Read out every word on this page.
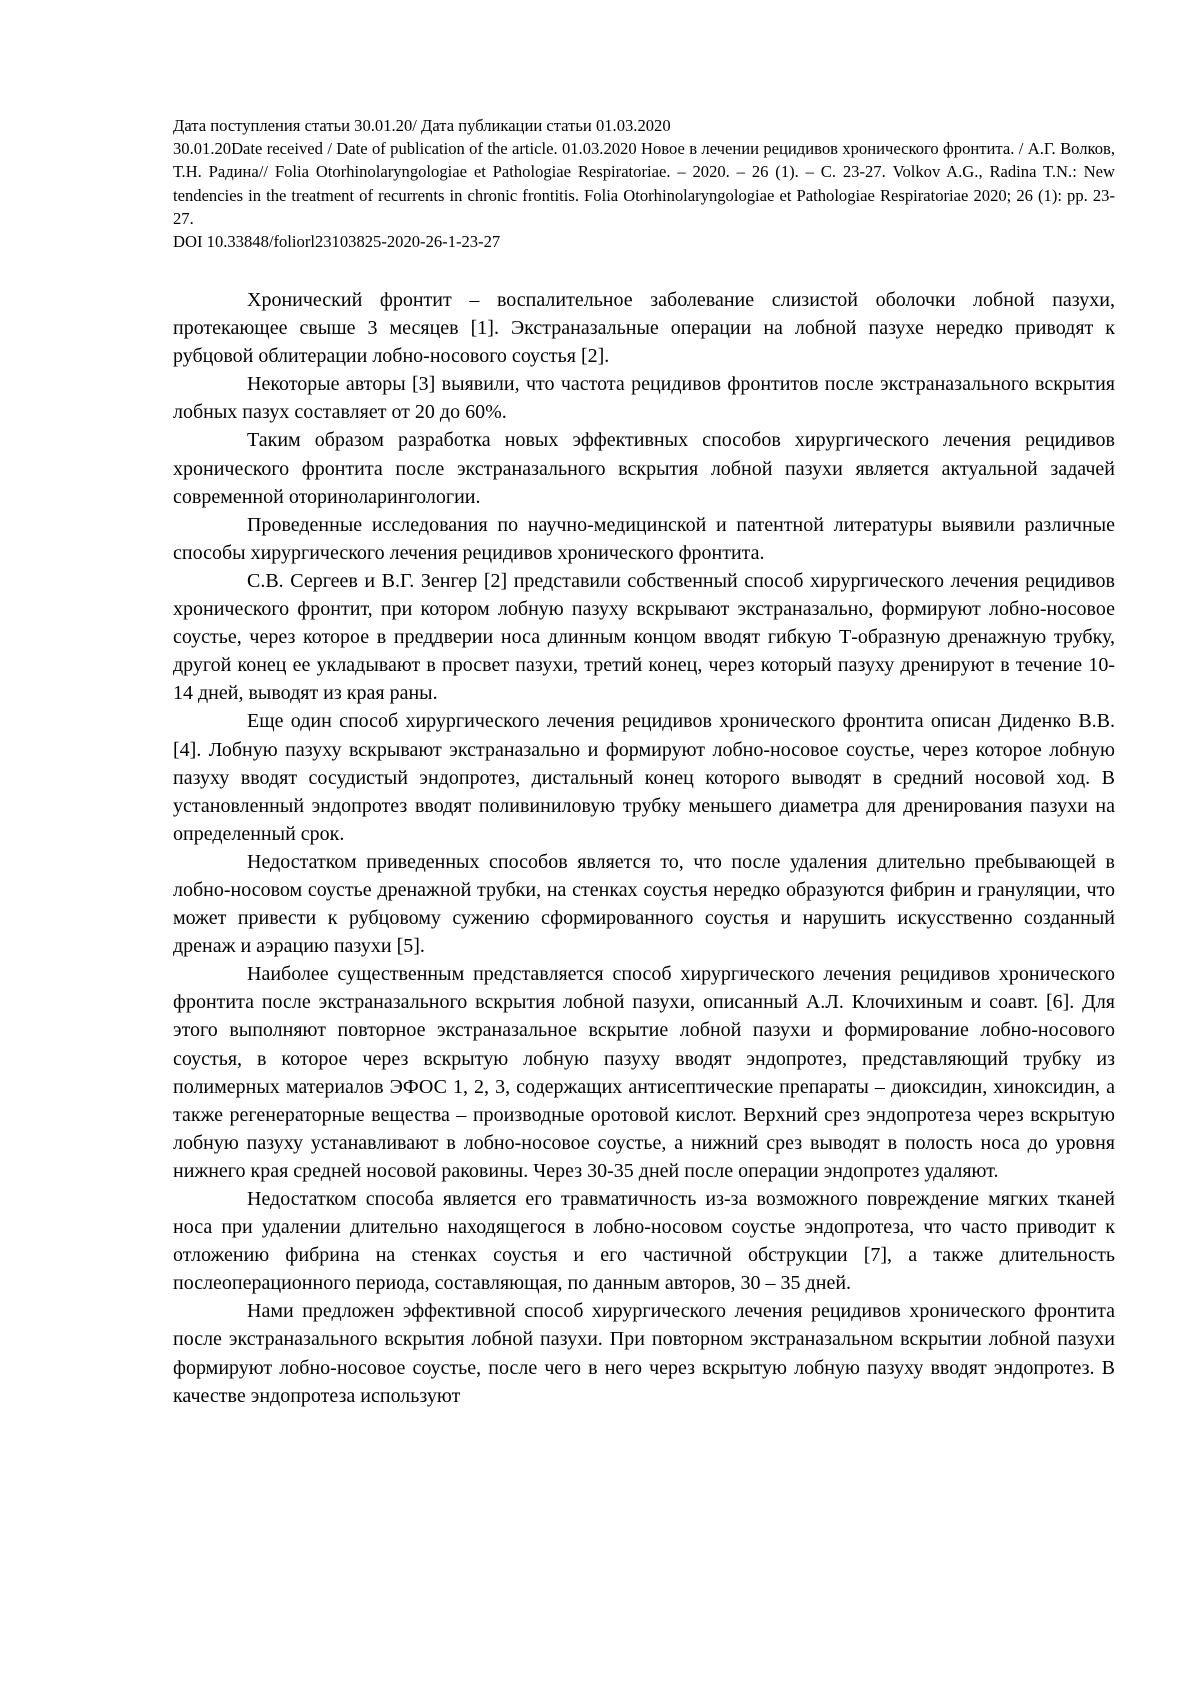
Дата поступления статьи 30.01.20/ Дата публикации статьи 01.03.2020
30.01.20Date received / Date of publication of the article. 01.03.2020 Новое в лечении рецидивов хронического фронтита. / А.Г. Волков, Т.Н. Радина// Folia Otorhinolaryngologiae et Pathologiae Respiratoriae. – 2020. – 26 (1). – С. 23-27. Volkov A.G., Radina T.N.: New tendencies in the treatment of recurrents in chronic frontitis. Folia Otorhinolaryngologiae et Pathologiae Respiratoriae 2020; 26 (1): pp. 23-27.
DOI 10.33848/foliorl23103825-2020-26-1-23-27

Хронический фронтит – воспалительное заболевание слизистой оболочки лобной пазухи, протекающее свыше 3 месяцев [1]. Экстраназальные операции на лобной пазухе нередко приводят к рубцовой облитерации лобно-носового соустья [2].

Некоторые авторы [3] выявили, что частота рецидивов фронтитов после экстраназального вскрытия лобных пазух составляет от 20 до 60%.

Таким образом разработка новых эффективных способов хирургического лечения рецидивов хронического фронтита после экстраназального вскрытия лобной пазухи является актуальной задачей современной оториноларингологии.

Проведенные исследования по научно-медицинской и патентной литературы выявили различные способы хирургического лечения рецидивов хронического фронтита.

С.В. Сергеев и В.Г. Зенгер [2] представили собственный способ хирургического лечения рецидивов хронического фронтит, при котором лобную пазуху вскрывают экстраназально, формируют лобно-носовое соустье, через которое в преддверии носа длинным концом вводят гибкую Т-образную дренажную трубку, другой конец ее укладывают в просвет пазухи, третий конец, через который пазуху дренируют в течение 10-14 дней, выводят из края раны.

Еще один способ хирургического лечения рецидивов хронического фронтита описан Диденко В.В. [4]. Лобную пазуху вскрывают экстраназально и формируют лобно-носовое соустье, через которое лобную пазуху вводят сосудистый эндопротез, дистальный конец которого выводят в средний носовой ход. В установленный эндопротез вводят поливиниловую трубку меньшего диаметра для дренирования пазухи на определенный срок.

Недостатком приведенных способов является то, что после удаления длительно пребывающей в лобно-носовом соустье дренажной трубки, на стенках соустья нередко образуются фибрин и грануляции, что может привести к рубцовому сужению сформированного соустья и нарушить искусственно созданный дренаж и аэрацию пазухи [5].

Наиболее существенным представляется способ хирургического лечения рецидивов хронического фронтита после экстраназального вскрытия лобной пазухи, описанный А.Л. Клочихиным и соавт. [6]. Для этого выполняют повторное экстраназальное вскрытие лобной пазухи и формирование лобно-носового соустья, в которое через вскрытую лобную пазуху вводят эндопротез, представляющий трубку из полимерных материалов ЭФОС 1, 2, 3, содержащих антисептические препараты – диоксидин, хиноксидин, а также регенераторные вещества – производные оротовой кислот. Верхний срез эндопротеза через вскрытую лобную пазуху устанавливают в лобно-носовое соустье, а нижний срез выводят в полость носа до уровня нижнего края средней носовой раковины. Через 30-35 дней после операции эндопротез удаляют.

Недостатком способа является его травматичность из-за возможного повреждение мягких тканей носа при удалении длительно находящегося в лобно-носовом соустье эндопротеза, что часто приводит к отложению фибрина на стенках соустья и его частичной обструкции [7], а также длительность послеоперационного периода, составляющая, по данным авторов, 30 – 35 дней.

Нами предложен эффективной способ хирургического лечения рецидивов хронического фронтита после экстраназального вскрытия лобной пазухи. При повторном экстраназальном вскрытии лобной пазухи формируют лобно-носовое соустье, после чего в него через вскрытую лобную пазуху вводят эндопротез. В качестве эндопротеза используют
